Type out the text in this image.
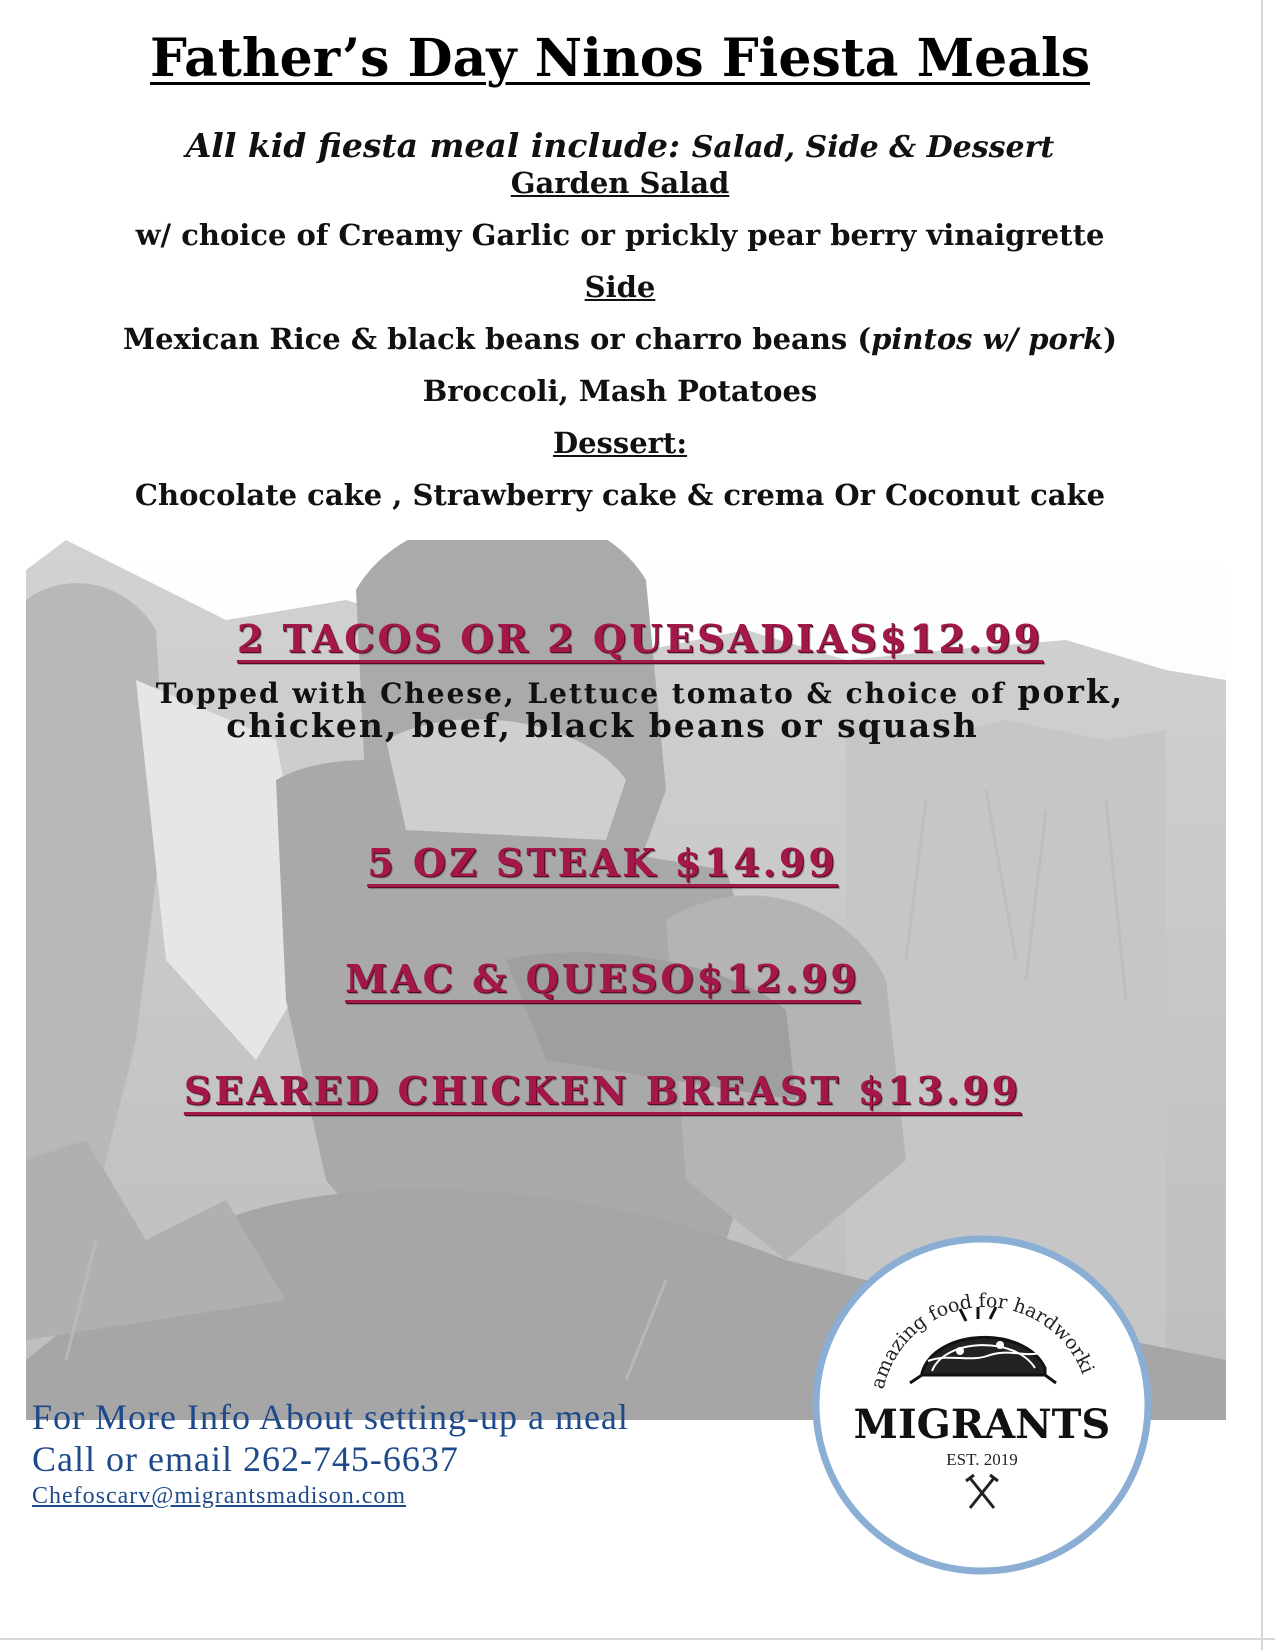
Father’s Day Ninos Fiesta Meals
All kid fiesta meal include: Salad, Side & Dessert
Garden Salad
w/ choice of Creamy Garlic or prickly pear berry vinaigrette
Side
Mexican Rice & black beans or charro beans (pintos w/ pork)
Broccoli, Mash Potatoes
Dessert:
Chocolate cake , Strawberry cake & crema Or Coconut cake
2 TACOS OR 2 QUESADIAS$12.99
Topped with Cheese, Lettuce tomato & choice of pork,
chicken, beef, black beans or squash
5 OZ STEAK $14.99
MAC & QUESO$12.99
SEARED CHICKEN BREAST $13.99
For More Info About setting-up a meal
Call or email 262-745-6637
Chefoscarv@migrantsmadison.com
amazing food for hardworki
MIGRANTS
EST. 2019
